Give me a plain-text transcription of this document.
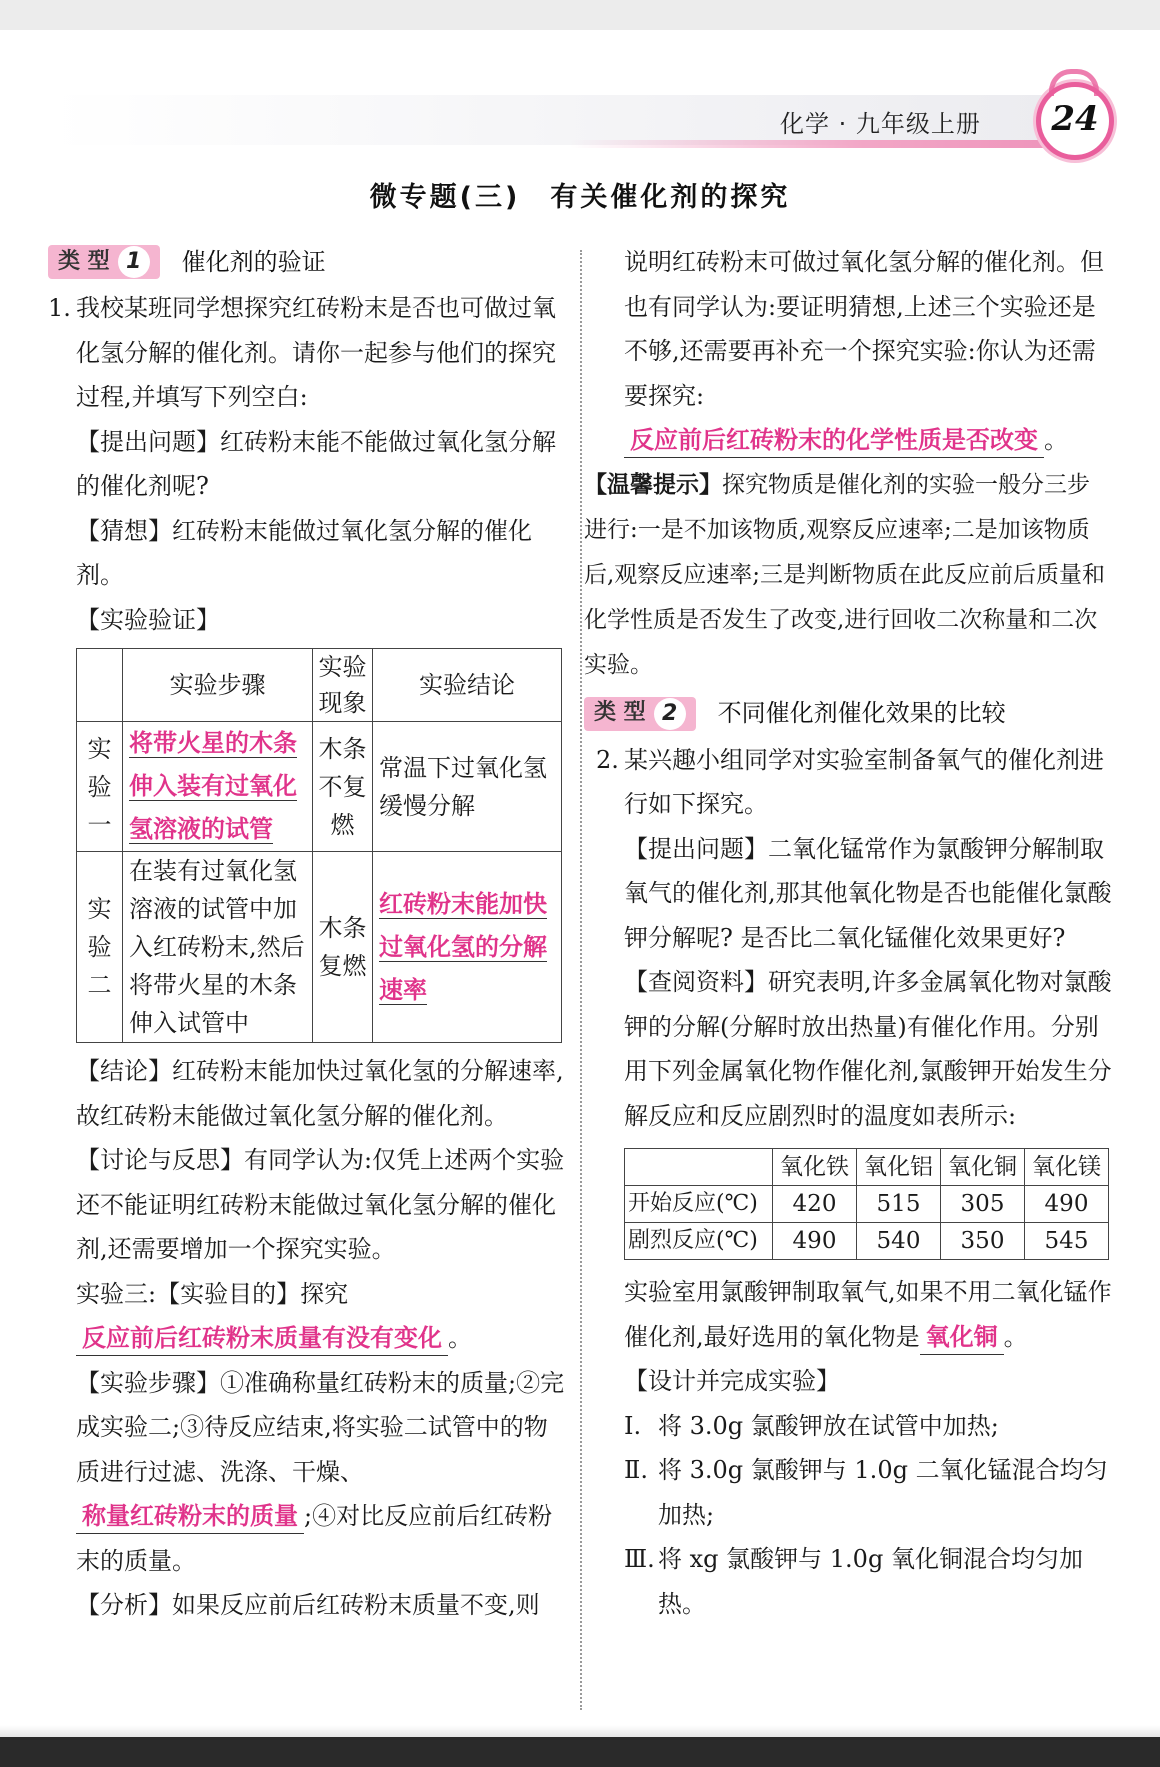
化学 · 九年级上册	24
微专题(三)　有关催化剂的探究
类 型 1	催化剂的验证

1. 我校某班同学想探究红砖粉末是否也可做过氧化氢分解的催化剂。请你一起参与他们的探究过程,并填写下列空白:

【提出问题】红砖粉末能不能做过氧化氢分解的催化剂呢?

【猜想】红砖粉末能做过氧化氢分解的催化剂。

【实验验证】

	实验步骤	实验现象	实验结论
实验一	将带火星的木条伸入装有过氧化氢溶液的试管	木条不复燃	常温下过氧化氢缓慢分解
实验二	在装有过氧化氢溶液的试管中加入红砖粉末,然后将带火星的木条伸入试管中	木条复燃	红砖粉末能加快过氧化氢的分解速率

【结论】红砖粉末能加快过氧化氢的分解速率,故红砖粉末能做过氧化氢分解的催化剂。

【讨论与反思】有同学认为:仅凭上述两个实验还不能证明红砖粉末能做过氧化氢分解的催化剂,还需要增加一个探究实验。

实验三:【实验目的】探究反应前后红砖粉末质量有没有变化 。

【实验步骤】①准确称量红砖粉末的质量;②完成实验二;③待反应结束,将实验二试管中的物质进行过滤、洗涤、干燥、称量红砖粉末的质量 ;④对比反应前后红砖粉末的质量。

【分析】如果反应前后红砖粉末质量不变,则

说明红砖粉末可做过氧化氢分解的催化剂。但也有同学认为:要证明猜想,上述三个实验还是不够,还需要再补充一个探究实验:你认为还需要探究:反应前后红砖粉末的化学性质是否改变 。

【温馨提示】探究物质是催化剂的实验一般分三步进行:一是不加该物质,观察反应速率;二是加该物质后,观察反应速率;三是判断物质在此反应前后质量和化学性质是否发生了改变,进行回收二次称量和二次实验。

类 型 2	不同催化剂催化效果的比较

2. 某兴趣小组同学对实验室制备氧气的催化剂进行如下探究。

【提出问题】二氧化锰常作为氯酸钾分解制取氧气的催化剂,那其他氧化物是否也能催化氯酸钾分解呢? 是否比二氧化锰催化效果更好?

【查阅资料】研究表明,许多金属氧化物对氯酸钾的分解(分解时放出热量)有催化作用。分别用下列金属氧化物作催化剂,氯酸钾开始发生分解反应和反应剧烈时的温度如表所示:

	氧化铁	氧化铝	氧化铜	氧化镁
开始反应(℃)	420	515	305	490
剧烈反应(℃)	490	540	350	545

实验室用氯酸钾制取氧气,如果不用二氧化锰作催化剂,最好选用的氧化物是 氧化铜 。

【设计并完成实验】

Ⅰ. 将 3.0g 氯酸钾放在试管中加热;

Ⅱ. 将 3.0g 氯酸钾与 1.0g 二氧化锰混合均匀加热;

Ⅲ. 将 xg 氯酸钾与 1.0g 氧化铜混合均匀加热。
